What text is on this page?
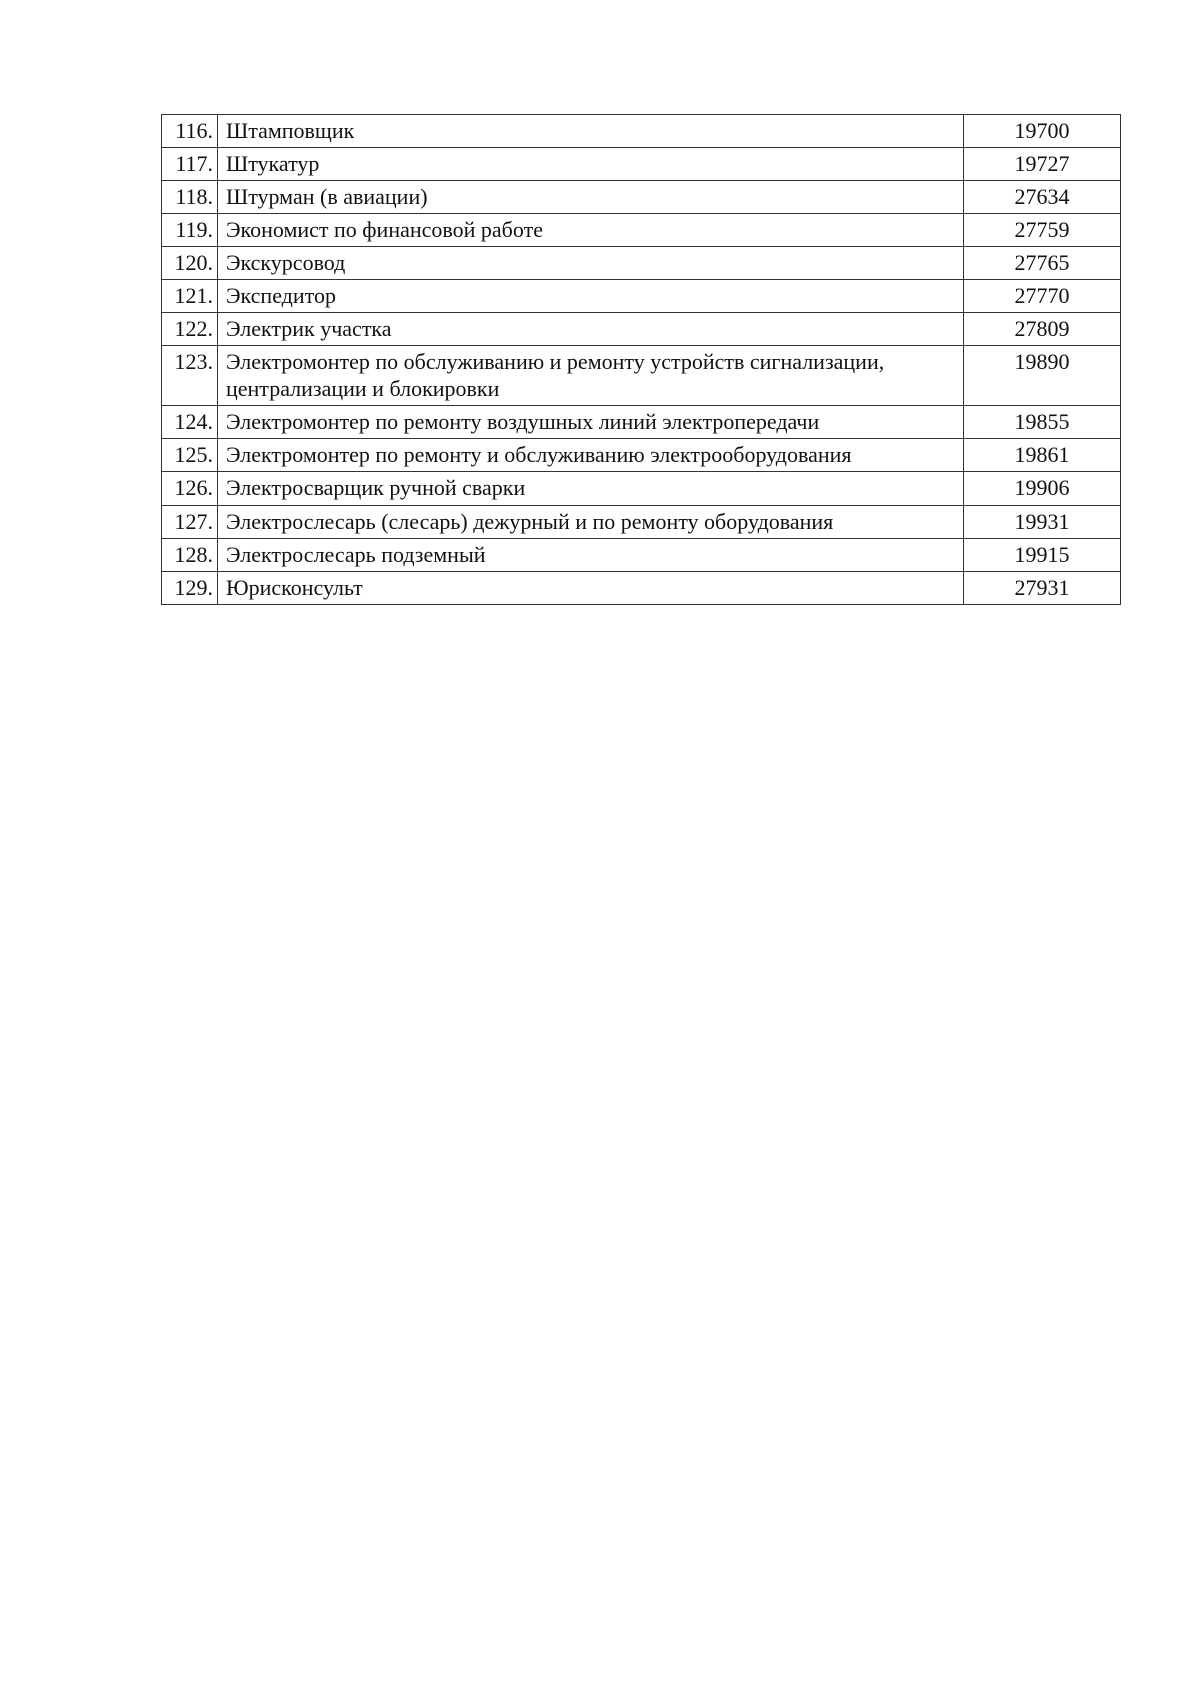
116.	Штамповщик	19700
117.	Штукатур	19727
118.	Штурман (в авиации)	27634
119.	Экономист по финансовой работе	27759
120.	Экскурсовод	27765
121.	Экспедитор	27770
122.	Электрик участка	27809
123.	Электромонтер по обслуживанию и ремонту устройств сигнализации, централизации и блокировки	19890
124.	Электромонтер по ремонту воздушных линий электропередачи	19855
125.	Электромонтер по ремонту и обслуживанию электрооборудования	19861
126.	Электросварщик ручной сварки	19906
127.	Электрослесарь (слесарь) дежурный и по ремонту оборудования	19931
128.	Электрослесарь подземный	19915
129.	Юрисконсульт	27931
